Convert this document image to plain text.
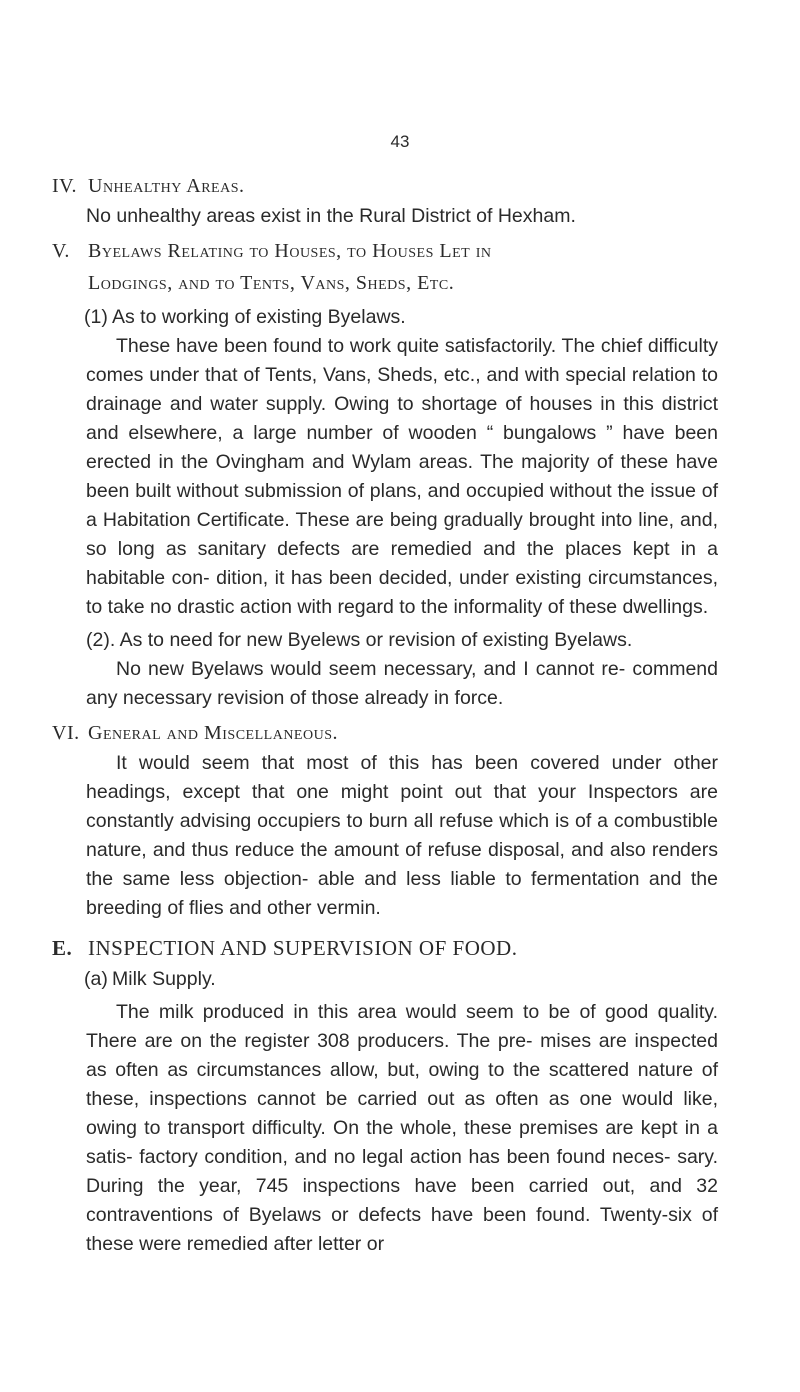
43

IV. Unhealthy Areas.

No unhealthy areas exist in the Rural District of Hexham.

V. Byelaws Relating to Houses, to Houses Let in

Lodgings, and to Tents, Vans, Sheds, Etc.

(1) As to working of existing Byelaws.

These have been found to work quite satisfactorily. The chief difficulty comes under that of Tents, Vans, Sheds, etc., and with special relation to drainage and water supply. Owing to shortage of houses in this district and elsewhere, a large number of wooden “ bungalows ” have been erected in the Ovingham and Wylam areas. The majority of these have been built without submission of plans, and occupied without the issue of a Habitation Certificate. These are being gradually brought into line, and, so long as sanitary defects are remedied and the places kept in a habitable con- dition, it has been decided, under existing circumstances, to take no drastic action with regard to the informality of these dwellings.

(2). As to need for new Byelews or revision of existing Byelaws.

No new Byelaws would seem necessary, and I cannot re- commend any necessary revision of those already in force.

VI. General and Miscellaneous.

It would seem that most of this has been covered under other headings, except that one might point out that your Inspectors are constantly advising occupiers to burn all refuse which is of a combustible nature, and thus reduce the amount of refuse disposal, and also renders the same less objection- able and less liable to fermentation and the breeding of flies and other vermin.

E. INSPECTION AND SUPERVISION OF FOOD.

(a) Milk Supply.

The milk produced in this area would seem to be of good quality. There are on the register 308 producers. The pre- mises are inspected as often as circumstances allow, but, owing to the scattered nature of these, inspections cannot be carried out as often as one would like, owing to transport difficulty. On the whole, these premises are kept in a satis- factory condition, and no legal action has been found neces- sary. During the year, 745 inspections have been carried out, and 32 contraventions of Byelaws or defects have been found. Twenty-six of these were remedied after letter or
